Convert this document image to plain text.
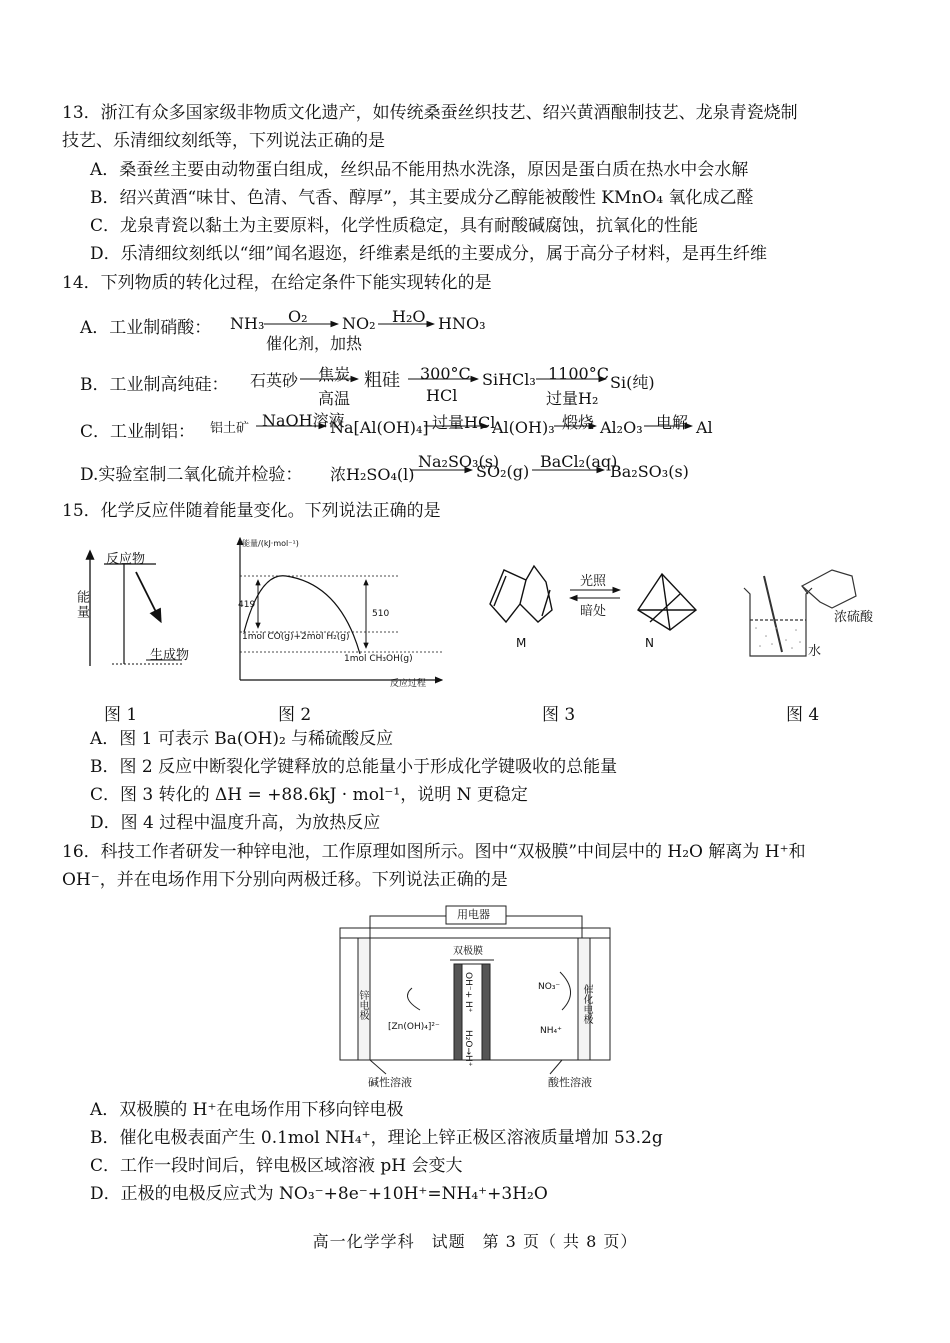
13．浙江有众多国家级非物质文化遗产，如传统桑蚕丝织技艺、绍兴黄酒酿制技艺、龙泉青瓷烧制
技艺、乐清细纹刻纸等，下列说法正确的是
A．桑蚕丝主要由动物蛋白组成，丝织品不能用热水洗涤，原因是蛋白质在热水中会水解
B．绍兴黄酒“味甘、色清、气香、醇厚”，其主要成分乙醇能被酸性 KMnO₄ 氧化成乙醛
C．龙泉青瓷以黏土为主要原料，化学性质稳定，具有耐酸碱腐蚀，抗氧化的性能
D．乐清细纹刻纸以“细”闻名遐迩，纤维素是纸的主要成分，属于高分子材料，是再生纤维
14．下列物质的转化过程，在给定条件下能实现转化的是
A．工业制硝酸： NH₃ O₂
催化剂，加热
NO₂ H₂O HNO₃
B．工业制高纯硅： 石英砂 焦炭
高温
粗硅 300°C
HCl
SiHCl₃ 1100°C
过量H₂
Si(纯)
C．工业制铝： 铝土矿 NaOH溶液
Na[Al(OH)₄] 过量HCl
Al(OH)₃ 煅烧 Al₂O₃ 电解 Al
D.实验室制二氧化硫并检验： 浓H₂SO₄(l)
Na₂SO₃(s)
SO₂(g)
BaCl₂(aq)
Ba₂SO₃(s)
15．化学反应伴随着能量变化。下列说法正确的是
能量
反应物
生成物
能量/(kJ·mol⁻¹)
419
510
1mol CO(g)+2mol H₂(g)
1mol CH₃OH(g)
反应过程
光照
暗处
M	N
浓硫酸
水
图 1	图 2	图 3	图 4
A．图 1 可表示 Ba(OH)₂ 与稀硫酸反应
B．图 2 反应中断裂化学键释放的总能量小于形成化学键吸收的总能量
C．图 3 转化的 ΔH = +88.6kJ · mol⁻¹，说明 N 更稳定
D．图 4 过程中温度升高，为放热反应
16．科技工作者研发一种锌电池，工作原理如图所示。图中“双极膜”中间层中的 H₂O 解离为 H⁺和
OH⁻，并在电场作用下分别向两极迁移。下列说法正确的是
用电器
双极膜
锌电极	催化电极
[Zn(OH)₄]²⁻
NO₃⁻
NH₄⁺
OH⁻+ H⁺
H₂O→H⁺
碱性溶液	酸性溶液
A．双极膜的 H⁺在电场作用下移向锌电极
B．催化电极表面产生 0.1mol NH₄⁺，理论上锌正极区溶液质量增加 53.2g
C．工作一段时间后，锌电极区域溶液 pH 会变大
D．正极的电极反应式为 NO₃⁻+8e⁻+10H⁺=NH₄⁺+3H₂O
高一化学学科　试题　第 3 页（ 共 8 页）
